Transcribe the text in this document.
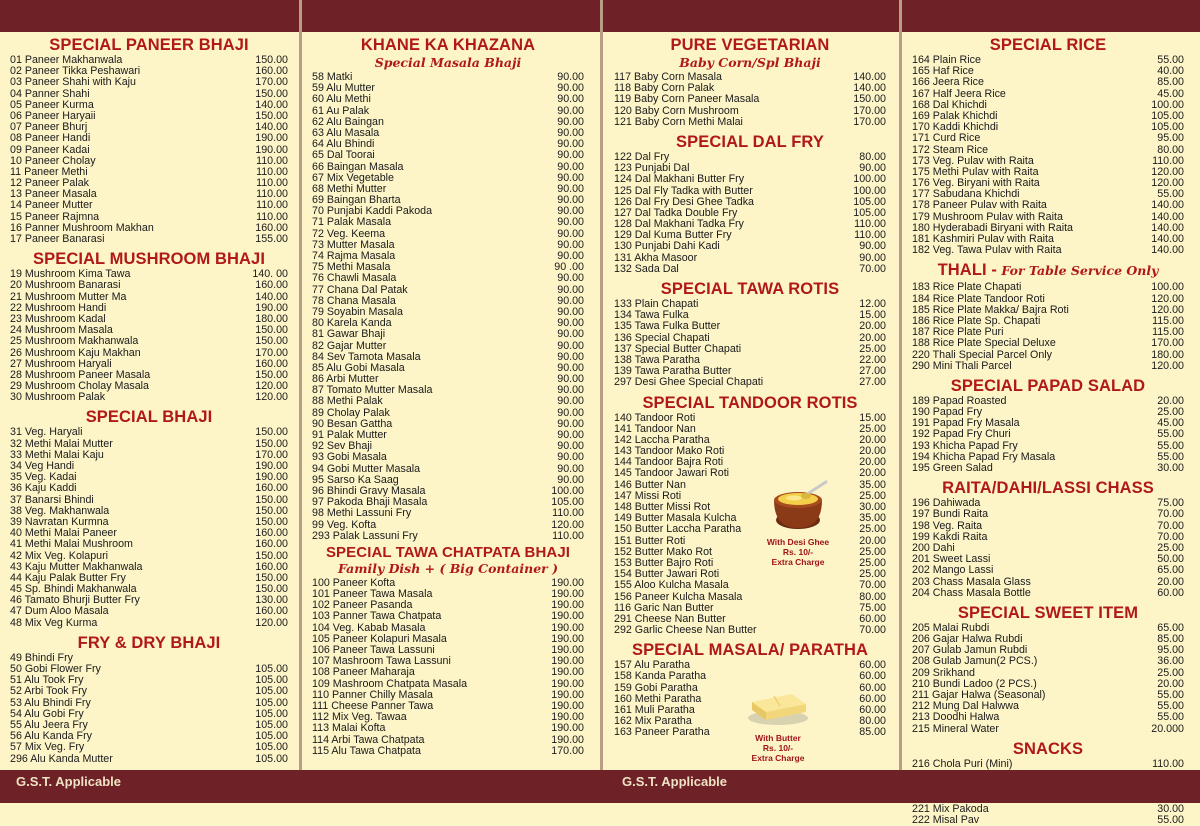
SPECIAL PANEER BHAJI
01 Paneer Makhanwala	150.00
02 Paneer Tikka Peshawari	160.00
03 Paneer Shahi with Kaju	170.00
04 Panner Shahi	150.00
05 Paneer Kurma	140.00
06 Paneer Haryaii	150.00
07 Paneer Bhurj	140.00
08 Paneer Handi	190.00
09 Paneer Kadai	190.00
10 Paneer Cholay	110.00
11 Paneer Methi	110.00
12 Paneer Palak	110.00
13 Paneer Masala	110.00
14 Paneer Mutter	110.00
15 Paneer Rajmna	110.00
16 Panner Mushroom Makhan	160.00
17 Paneer Banarasi	155.00
SPECIAL MUSHROOM BHAJI
19 Mushroom Kima Tawa	140. 00
20 Mushroom Banarasi	160.00
21 Mushroom Mutter Ma	140.00
22 Mushroom Handi	190.00
23 Mushroom Kadal	180.00
24 Mushroom Masala	150.00
25 Mushroom Makhanwala	150.00
26 Mushroom Kaju Makhan	170.00
27 Mushroom Haryali	160.00
28 Mushroom Paneer Masala	150.00
29 Mushroom Cholay Masala	120.00
30 Mushroom Palak	120.00
SPECIAL BHAJI
31 Veg. Haryali	150.00
32 Methi Malai Mutter	150.00
33 Methi Malai Kaju	170.00
34 Veg Handi	190.00
35 Veg. Kadai	190.00
36 Kaju Kaddi	160.00
37 Banarsi Bhindi	150.00
38 Veg. Makhanwala	150.00
39 Navratan Kurmna	150.00
40 Methi Malai Paneer	160.00
41 Methi Malai Mushroom	160.00
42 Mix Veg. Kolapuri	150.00
43 Kaju Mutter Makhanwala	160.00
44 Kaju Palak Butter Fry	150.00
45 Sp. Bhindi Makhanwala	150.00
46 Tamato Bhurji Butter Fry	130.00
47 Dum Aloo Masala	160.00
48 Mix Veg Kurma	120.00
FRY & DRY BHAJI
49 Bhindi Fry
50 Gobi Flower Fry	105.00
51 Alu Took Fry	105.00
52 Arbi Took Fry	105.00
53 Alu Bhindi Fry	105.00
54 Alu Gobi Fry	105.00
55 Alu Jeera Fry	105.00
56 Alu Kanda Fry	105.00
57 Mix Veg. Fry	105.00
296 Alu Kanda Mutter	105.00
KHANE KA KHAZANA
Special Masala Bhaji
58 Matki	90.00
59 Alu Mutter	90.00
60 Alu Methi	90.00
61 Au Palak	90.00
62 Alu Baingan	90.00
63 Alu Masala	90.00
64 Alu Bhindi	90.00
65 Dal Toorai	90.00
66 Baingan Masala	90.00
67 Mix Vegetable	90.00
68 Methi Mutter	90.00
69 Baingan Bharta	90.00
70 Punjabi Kaddi Pakoda	90.00
71 Palak Masala	90.00
72 Veg. Keema	90.00
73 Mutter Masala	90.00
74 Rajma Masala	90.00
75 Methi Masala	90 .00
76 Chawli Masala	90.00
77 Chana Dal Patak	90.00
78 Chana Masala	90.00
79 Soyabin Masala	90.00
80 Karela Kanda	90.00
81 Gawar Bhaji	90.00
82 Gajar Mutter	90.00
84 Sev Tamota Masala	90.00
85 Alu Gobi Masala	90.00
86 Arbi Mutter	90.00
87 Tomato Mutter Masala	90.00
88 Methi Palak	90.00
89 Cholay Palak	90.00
90 Besan Gattha	90.00
91 Palak Mutter	90.00
92 Sev Bhaji	90.00
93 Gobi Masala	90.00
94 Gobi Mutter Masala	90.00
95 Sarso Ka Saag	90.00
96 Bhindi Gravy Masala	100.00
97 Pakoda Bhaji Masala	105.00
98 Methi Lassuni Fry	110.00
99 Veg. Kofta	120.00
293 Palak Lassuni Fry	110.00
SPECIAL TAWA CHATPATA BHAJI
Family Dish + ( Big Container )
100 Paneer Kofta	190.00
101 Paneer Tawa Masala	190.00
102 Paneer Pasanda	190.00
103 Panner Tawa Chatpata	190.00
104 Veg. Kabab Masala	190.00
105 Paneer Kolapuri Masala	190.00
106 Paneer Tawa Lassuni	190.00
107 Mashroom Tawa Lassuni	190.00
108 Paneer Maharaja	190.00
109 Mashroom Chatpata Masala	190.00
110 Panner Chilly Masala	190.00
111 Cheese Panner Tawa	190.00
112 Mix Veg. Tawaa	190.00
113 Malai Kofta	190.00
114 Arbi Tawa Chatpata	190.00
115 Alu Tawa Chatpata	170.00
PURE VEGETARIAN
Baby Corn/Spl Bhaji
117 Baby Corn Masala	140.00
118 Baby Corn Palak	140.00
119 Baby Corn Paneer Masala	150.00
120 Baby Corn Mushroom	170.00
121 Baby Corn Methi Malai	170.00
SPECIAL DAL FRY
122 Dal Fry	80.00
123 Punjabi Dal	90.00
124 Dal Makhani Butter Fry	100.00
125 Dal Fly Tadka with Butter	100.00
126 Dal Fry Desi Ghee Tadka	105.00
127 Dal Tadka Double Fry	105.00
128 Dal Makhani Tadka Fry	110.00
129 Dal Kuma Butter Fry	110.00
130 Punjabi Dahi Kadi	90.00
131 Akha Masoor	90.00
132 Sada Dal	70.00
SPECIAL TAWA ROTIS
133 Plain Chapati	12.00
134 Tawa Fulka	15.00
135 Tawa Fulka Butter	20.00
136 Special Chapati	20.00
137 Special Butter Chapati	25.00
138 Tawa Paratha	22.00
139 Tawa Paratha Butter	27.00
297 Desi Ghee Special Chapati	27.00
SPECIAL TANDOOR ROTIS
140 Tandoor Roti	15.00
141 Tandoor Nan	25.00
142 Laccha Paratha	20.00
143 Tandoor Mako Roti	20.00
144 Tandoor Bajra Roti	20.00
145 Tandoor Jawari Roti	20.00
146 Butter Nan	35.00
147 Missi Roti	25.00
148 Butter Missi Rot	30.00
149 Butter Masala Kulcha	35.00
150 Butter Laccha Paratha	25.00
151 Butter Roti	20.00
152 Butter Mako Rot	25.00
153 Butter Bajro Roti	25.00
154 Butter Jawari Roti	25.00
155 Aloo Kulcha Masala	70.00
156 Paneer Kulcha Masala	80.00
116 Garic Nan Butter	75.00
291 Cheese Nan Butter	60.00
292 Garlic Cheese Nan Butter	70.00
SPECIAL MASALA/ PARATHA
157 Alu Paratha	60.00
158 Kanda Paratha	60.00
159 Gobi Paratha	60.00
160 Methi Paratha	60.00
161 Muli Paratha	60.00
162 Mix Paratha	80.00
163 Paneer Paratha	85.00
With Desi Ghee
Rs. 10/-
Extra Charge
With Butter
Rs. 10/-
Extra Charge
SPECIAL RICE
164 Plain Rice	55.00
165 Haf Rice	40.00
166 Jeera Rice	85.00
167 Half Jeera Rice	45.00
168 Dal Khichdi	100.00
169 Palak Khichdi	105.00
170 Kaddi Khichdi	105.00
171 Curd Rice	95.00
172 Steam Rice	80.00
173 Veg. Pulav with Raita	110.00
175 Methi Pulav with Raita	120.00
176 Veg. Biryani with Raita	120.00
177 Sabudana Khichdi	55.00
178 Paneer Pulav with Raita	140.00
179 Mushroom Pulav with Raita	140.00
180 Hyderabadi Biryani with Raita	140.00
181 Kashmiri Pulav with Raita	140.00
182 Veg. Tawa Pulav with Raita	140.00
THALI - For Table Service Only
183 Rice Plate Chapati	100.00
184 Rice Plate Tandoor Roti	120.00
185 Rice Plate Makka/ Bajra Roti	120.00
186 Rice Plate Sp. Chapati	115.00
187 Rice Plate Puri	115.00
188 Rice Plate Special Deluxe	170.00
220 Thali Special Parcel Only	180.00
290 Mini Thali Parcel	120.00
SPECIAL PAPAD SALAD
189 Papad Roasted	20.00
190 Papad Fry	25.00
191 Papad Fry Masala	45.00
192 Papad Fry Churi	55.00
193 Khicha Papad Fry	55.00
194 Khicha Papad Fry Masala	55.00
195 Green Salad	30.00
RAITA/DAHI/LASSI CHASS
196 Dahiwada	75.00
197 Bundi Raita	70.00
198 Veg. Raita	70.00
199 Kakdi Raita	70.00
200 Dahi	25.00
201 Sweet Lassi	50.00
202 Mango Lassi	65.00
203 Chass Masala Glass	20.00
204 Chass Masala Bottle	60.00
SPECIAL SWEET ITEM
205 Malai Rubdi	65.00
206 Gajar Halwa Rubdi	85.00
207 Gulab Jamun Rubdi	95.00
208 Gulab Jamun(2 PCS.)	36.00
209 Srikhand	25.00
210 Bundi Ladoo (2 PCS.)	20.00
211 Gajar Halwa (Seasonal)	55.00
212 Mung Dal Halwwa	55.00
213 Doodhi Halwa	55.00
215 Mineral Water	20.000
SNACKS
216 Chola Puri (Mini)	110.00
221 Mix Pakoda	30.00
222 Misal Pav	55.00
G.S.T. Applicable	G.S.T. Applicable
